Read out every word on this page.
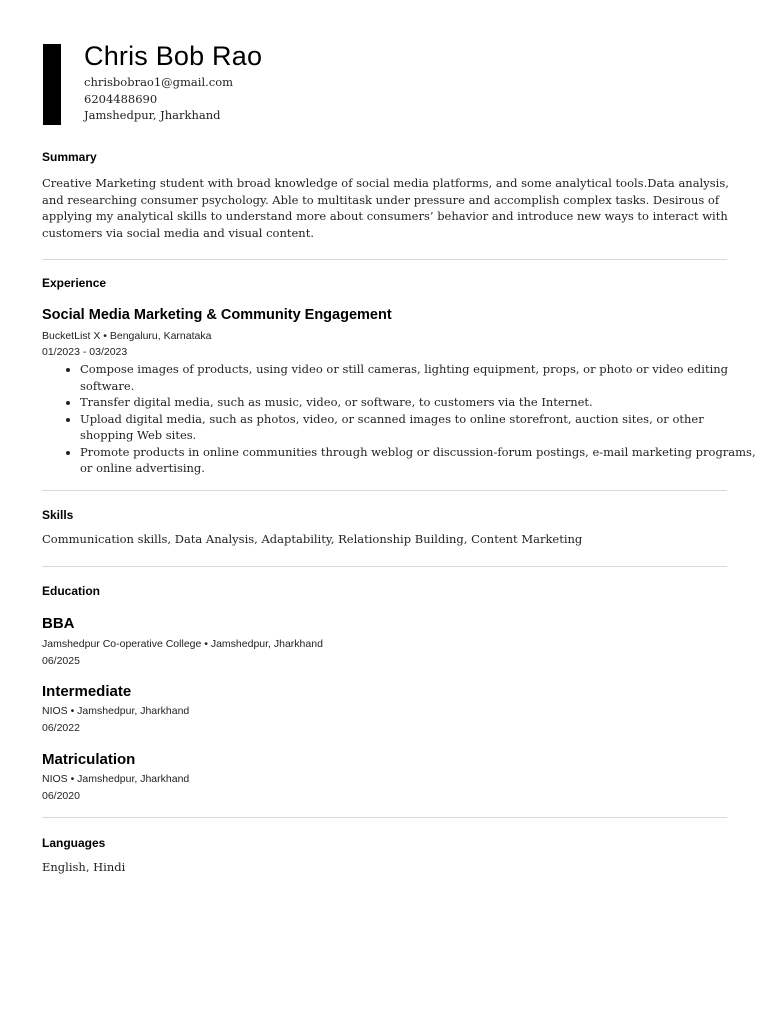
Chris Bob Rao
chrisbobrao1@gmail.com
6204488690
Jamshedpur, Jharkhand
Summary
Creative Marketing student with broad knowledge of social media platforms, and some analytical tools.Data analysis, and researching consumer psychology. Able to multitask under pressure and accomplish complex tasks. Desirous of applying my analytical skills to understand more about consumers’ behavior and introduce new ways to interact with customers via social media and visual content.
Experience
Social Media Marketing & Community Engagement
BucketList X • Bengaluru, Karnataka
01/2023 - 03/2023
• Compose images of products, using video or still cameras, lighting equipment, props, or photo or video editing software.
• Transfer digital media, such as music, video, or software, to customers via the Internet.
• Upload digital media, such as photos, video, or scanned images to online storefront, auction sites, or other shopping Web sites.
• Promote products in online communities through weblog or discussion-forum postings, e-mail marketing programs, or online advertising.
Skills
Communication skills, Data Analysis, Adaptability, Relationship Building, Content Marketing
Education
BBA
Jamshedpur Co-operative College • Jamshedpur, Jharkhand
06/2025
Intermediate
NIOS • Jamshedpur, Jharkhand
06/2022
Matriculation
NIOS • Jamshedpur, Jharkhand
06/2020
Languages
English, Hindi
